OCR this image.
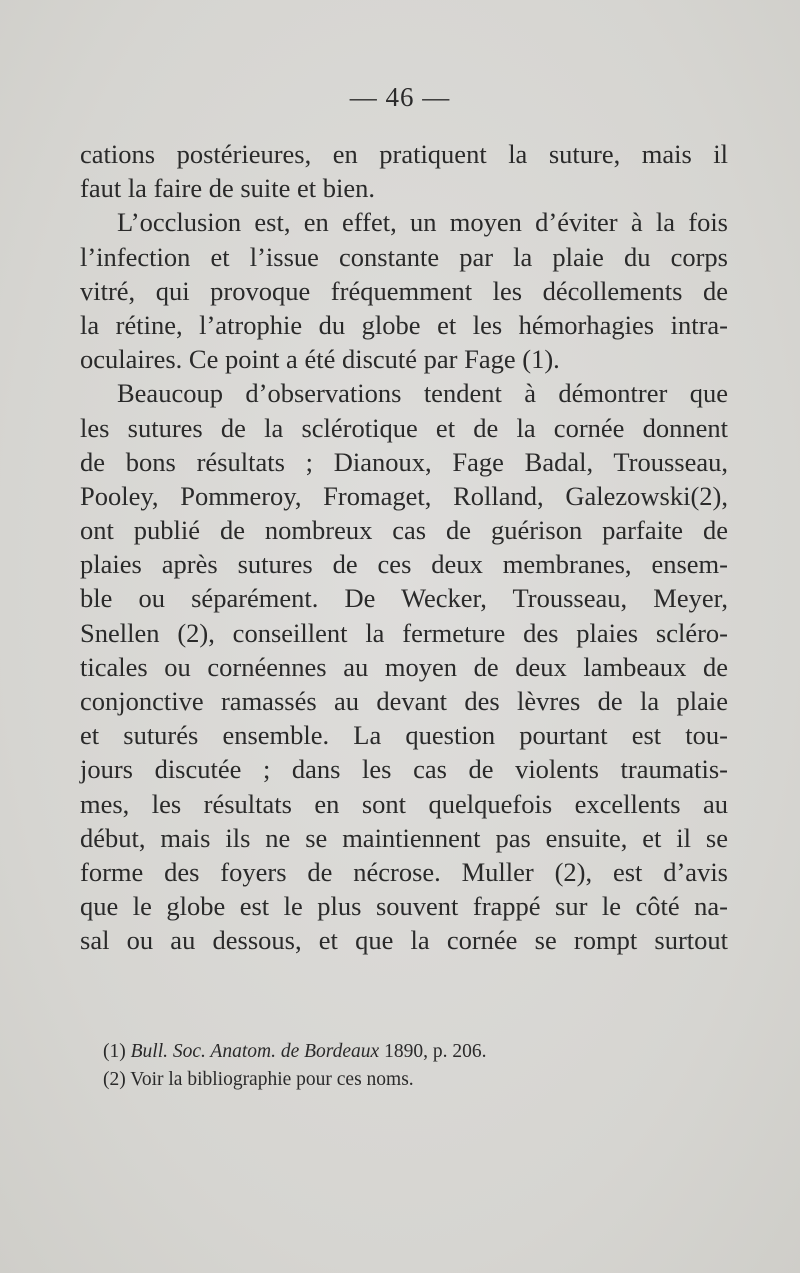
— 46 —
cations postérieures, en pratiquent la suture, mais il
faut la faire de suite et bien.
L’occlusion est, en effet, un moyen d’éviter à la fois
l’infection et l’issue constante par la plaie du corps
vitré, qui provoque fréquemment les décollements de
la rétine, l’atrophie du globe et les hémorhagies intra-
oculaires. Ce point a été discuté par Fage (1).
Beaucoup d’observations tendent à démontrer que
les sutures de la sclérotique et de la cornée donnent
de bons résultats ; Dianoux, Fage Badal, Trousseau,
Pooley, Pommeroy, Fromaget, Rolland, Galezowski(2),
ont publié de nombreux cas de guérison parfaite de
plaies après sutures de ces deux membranes, ensem-
ble ou séparément. De Wecker, Trousseau, Meyer,
Snellen (2), conseillent la fermeture des plaies scléro-
ticales ou cornéennes au moyen de deux lambeaux de
conjonctive ramassés au devant des lèvres de la plaie
et suturés ensemble. La question pourtant est tou-
jours discutée ; dans les cas de violents traumatis-
mes, les résultats en sont quelquefois excellents au
début, mais ils ne se maintiennent pas ensuite, et il se
forme des foyers de nécrose. Muller (2), est d’avis
que le globe est le plus souvent frappé sur le côté na-
sal ou au dessous, et que la cornée se rompt surtout
(1) Bull. Soc. Anatom. de Bordeaux 1890, p. 206.
(2) Voir la bibliographie pour ces noms.
